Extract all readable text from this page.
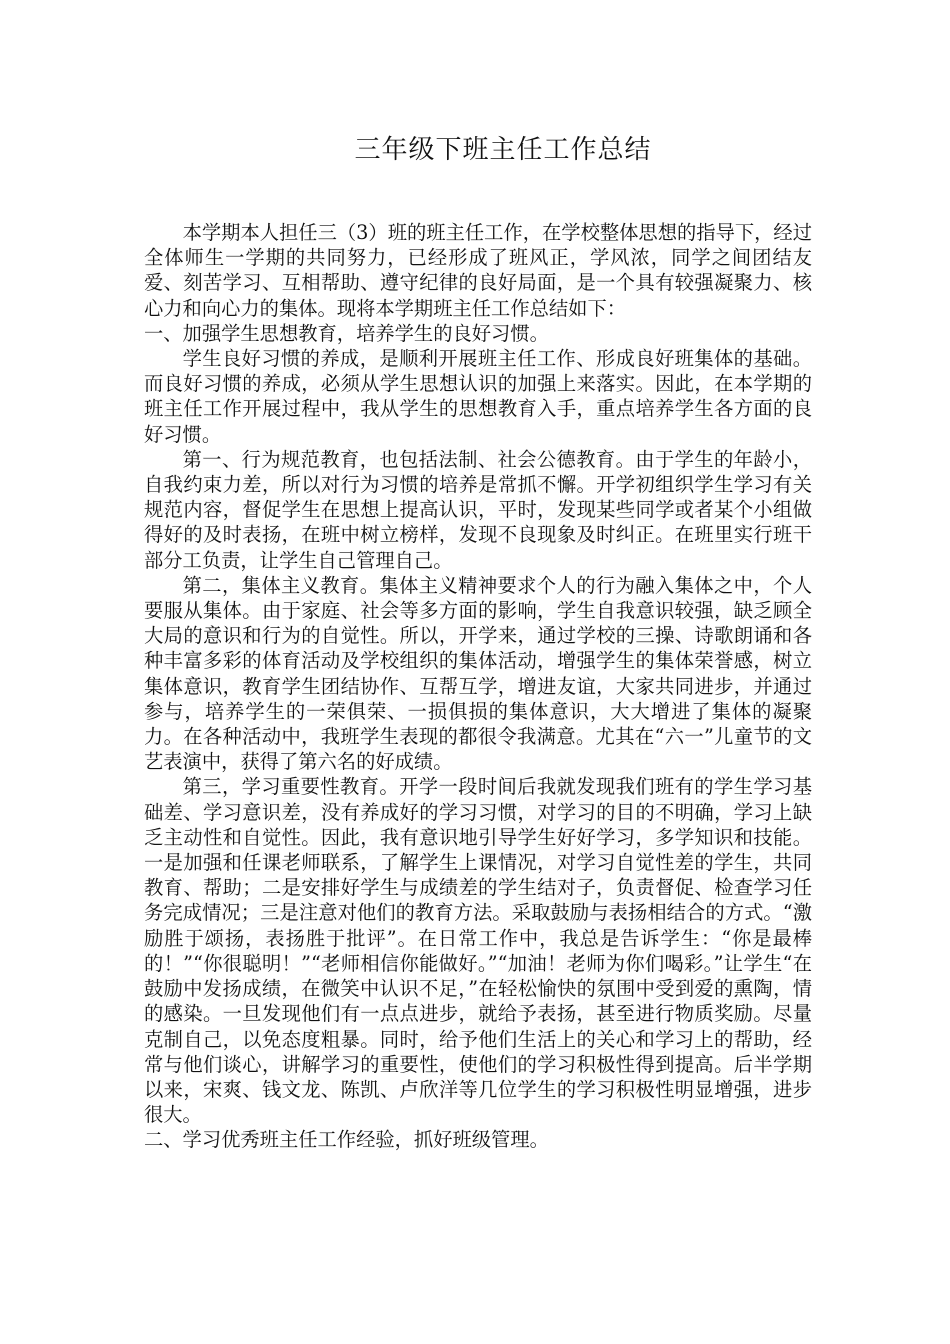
三年级下班主任工作总结

本学期本人担任三（3）班的班主任工作，在学校整体思想的指导下，经过全体师生一学期的共同努力，已经形成了班风正，学风浓，同学之间团结友爱、刻苦学习、互相帮助、遵守纪律的良好局面，是一个具有较强凝聚力、核心力和向心力的集体。现将本学期班主任工作总结如下：

一、加强学生思想教育，培养学生的良好习惯。

学生良好习惯的养成，是顺利开展班主任工作、形成良好班集体的基础。而良好习惯的养成，必须从学生思想认识的加强上来落实。因此，在本学期的班主任工作开展过程中，我从学生的思想教育入手，重点培养学生各方面的良好习惯。

第一、行为规范教育，也包括法制、社会公德教育。由于学生的年龄小，自我约束力差，所以对行为习惯的培养是常抓不懈。开学初组织学生学习有关规范内容，督促学生在思想上提高认识，平时，发现某些同学或者某个小组做得好的及时表扬，在班中树立榜样，发现不良现象及时纠正。在班里实行班干部分工负责，让学生自己管理自己。

第二，集体主义教育。集体主义精神要求个人的行为融入集体之中，个人要服从集体。由于家庭、社会等多方面的影响，学生自我意识较强，缺乏顾全大局的意识和行为的自觉性。所以，开学来，通过学校的三操、诗歌朗诵和各种丰富多彩的体育活动及学校组织的集体活动，增强学生的集体荣誉感，树立集体意识，教育学生团结协作、互帮互学，增进友谊，大家共同进步，并通过参与，培养学生的一荣俱荣、一损俱损的集体意识，大大增进了集体的凝聚力。在各种活动中，我班学生表现的都很令我满意。尤其在“六一”儿童节的文艺表演中，获得了第六名的好成绩。

第三，学习重要性教育。开学一段时间后我就发现我们班有的学生学习基础差、学习意识差，没有养成好的学习习惯，对学习的目的不明确，学习上缺乏主动性和自觉性。因此，我有意识地引导学生好好学习，多学知识和技能。一是加强和任课老师联系，了解学生上课情况，对学习自觉性差的学生，共同教育、帮助；二是安排好学生与成绩差的学生结对子，负责督促、检查学习任务完成情况；三是注意对他们的教育方法。采取鼓励与表扬相结合的方式。“激励胜于颂扬，表扬胜于批评”。在日常工作中，我总是告诉学生：“你是最棒的！”“你很聪明！”“老师相信你能做好。”“加油！老师为你们喝彩。”让学生“在鼓励中发扬成绩，在微笑中认识不足，”在轻松愉快的氛围中受到爱的熏陶，情的感染。一旦发现他们有一点点进步，就给予表扬，甚至进行物质奖励。尽量克制自己，以免态度粗暴。同时，给予他们生活上的关心和学习上的帮助，经常与他们谈心，讲解学习的重要性，使他们的学习积极性得到提高。后半学期以来，宋爽、钱文龙、陈凯、卢欣洋等几位学生的学习积极性明显增强，进步很大。

二、学习优秀班主任工作经验，抓好班级管理。
